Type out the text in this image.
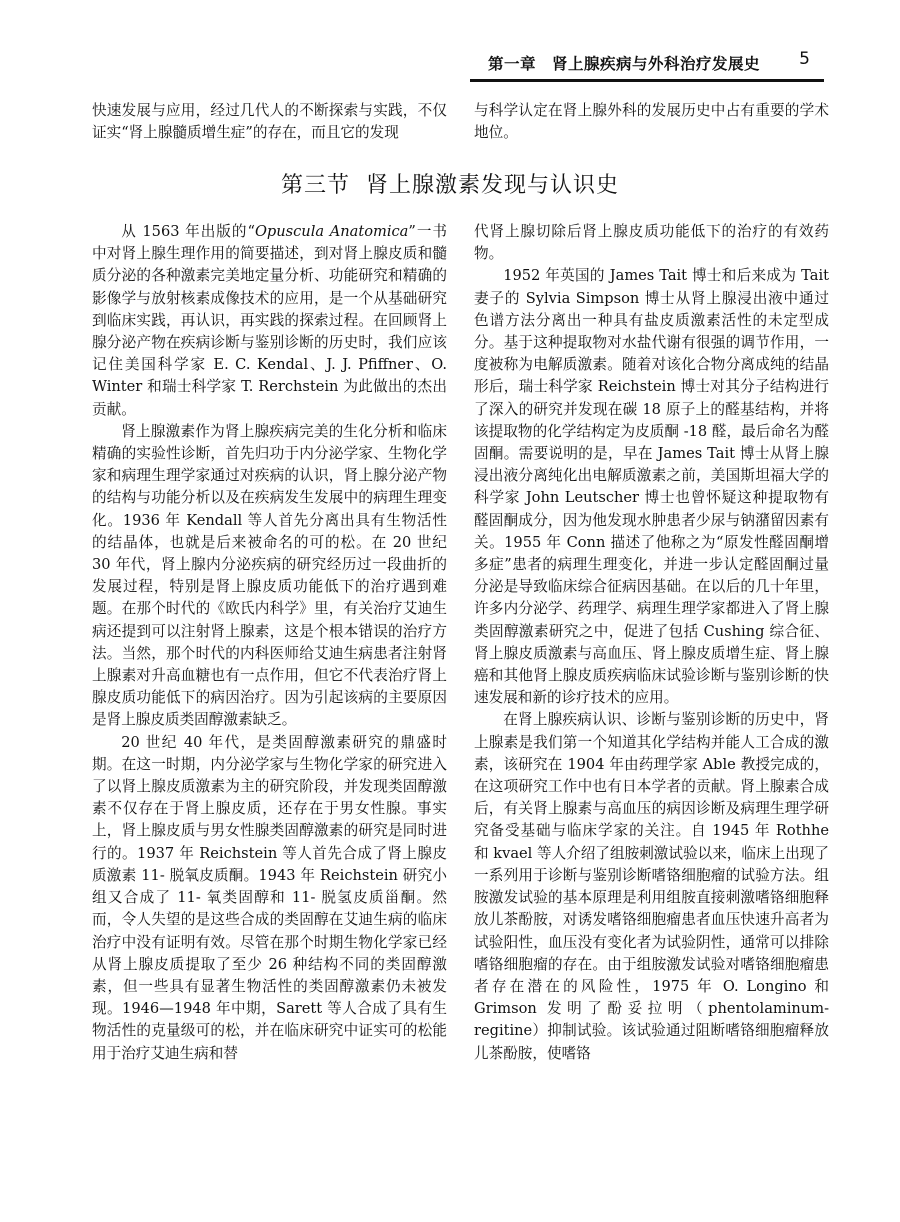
第一章　肾上腺疾病与外科治疗发展史 5

快速发展与应用，经过几代人的不断探索与实践，不仅证实“肾上腺髓质增生症”的存在，而且它的发现

与科学认定在肾上腺外科的发展历史中占有重要的学术地位。

第三节 肾上腺激素发现与认识史

从 1563 年出版的“Opuscula Anatomica”一书中对肾上腺生理作用的简要描述，到对肾上腺皮质和髓质分泌的各种激素完美地定量分析、功能研究和精确的影像学与放射核素成像技术的应用，是一个从基础研究到临床实践，再认识，再实践的探索过程。在回顾肾上腺分泌产物在疾病诊断与鉴别诊断的历史时，我们应该记住美国科学家 E. C. Kendal、J. J. Pfiffner、O. Winter 和瑞士科学家 T. Rerchstein 为此做出的杰出贡献。

肾上腺激素作为肾上腺疾病完美的生化分析和临床精确的实验性诊断，首先归功于内分泌学家、生物化学家和病理生理学家通过对疾病的认识，肾上腺分泌产物的结构与功能分析以及在疾病发生发展中的病理生理变化。1936 年 Kendall 等人首先分离出具有生物活性的结晶体，也就是后来被命名的可的松。在 20 世纪 30 年代，肾上腺内分泌疾病的研究经历过一段曲折的发展过程，特别是肾上腺皮质功能低下的治疗遇到难题。在那个时代的《欧氏内科学》里，有关治疗艾迪生病还提到可以注射肾上腺素，这是个根本错误的治疗方法。当然，那个时代的内科医师给艾迪生病患者注射肾上腺素对升高血糖也有一点作用，但它不代表治疗肾上腺皮质功能低下的病因治疗。因为引起该病的主要原因是肾上腺皮质类固醇激素缺乏。

20 世纪 40 年代，是类固醇激素研究的鼎盛时期。在这一时期，内分泌学家与生物化学家的研究进入了以肾上腺皮质激素为主的研究阶段，并发现类固醇激素不仅存在于肾上腺皮质，还存在于男女性腺。事实上，肾上腺皮质与男女性腺类固醇激素的研究是同时进行的。1937 年 Reichstein 等人首先合成了肾上腺皮质激素 11- 脱氧皮质酮。1943 年 Reichstein 研究小组又合成了 11- 氧类固醇和 11- 脱氢皮质甾酮。然而，令人失望的是这些合成的类固醇在艾迪生病的临床治疗中没有证明有效。尽管在那个时期生物化学家已经从肾上腺皮质提取了至少 26 种结构不同的类固醇激素，但一些具有显著生物活性的类固醇激素仍未被发现。1946—1948 年中期，Sarett 等人合成了具有生物活性的克量级可的松，并在临床研究中证实可的松能用于治疗艾迪生病和替

代肾上腺切除后肾上腺皮质功能低下的治疗的有效药物。

1952 年英国的 James Tait 博士和后来成为 Tait 妻子的 Sylvia Simpson 博士从肾上腺浸出液中通过色谱方法分离出一种具有盐皮质激素活性的未定型成分。基于这种提取物对水盐代谢有很强的调节作用，一度被称为电解质激素。随着对该化合物分离成纯的结晶形后，瑞士科学家 Reichstein 博士对其分子结构进行了深入的研究并发现在碳 18 原子上的醛基结构，并将该提取物的化学结构定为皮质酮 -18 醛，最后命名为醛固酮。需要说明的是，早在 James Tait 博士从肾上腺浸出液分离纯化出电解质激素之前，美国斯坦福大学的科学家 John Leutscher 博士也曾怀疑这种提取物有醛固酮成分，因为他发现水肿患者少尿与钠潴留因素有关。1955 年 Conn 描述了他称之为“原发性醛固酮增多症”患者的病理生理变化，并进一步认定醛固酮过量分泌是导致临床综合征病因基础。在以后的几十年里，许多内分泌学、药理学、病理生理学家都进入了肾上腺类固醇激素研究之中，促进了包括 Cushing 综合征、肾上腺皮质激素与高血压、肾上腺皮质增生症、肾上腺癌和其他肾上腺皮质疾病临床试验诊断与鉴别诊断的快速发展和新的诊疗技术的应用。

在肾上腺疾病认识、诊断与鉴别诊断的历史中，肾上腺素是我们第一个知道其化学结构并能人工合成的激素，该研究在 1904 年由药理学家 Able 教授完成的，在这项研究工作中也有日本学者的贡献。肾上腺素合成后，有关肾上腺素与高血压的病因诊断及病理生理学研究备受基础与临床学家的关注。自 1945 年 Rothhe 和 kvael 等人介绍了组胺刺激试验以来，临床上出现了一系列用于诊断与鉴别诊断嗜铬细胞瘤的试验方法。组胺激发试验的基本原理是利用组胺直接刺激嗜铬细胞释放儿茶酚胺，对诱发嗜铬细胞瘤患者血压快速升高者为试验阳性，血压没有变化者为试验阴性，通常可以排除嗜铬细胞瘤的存在。由于组胺激发试验对嗜铬细胞瘤患者存在潜在的风险性，1975 年 O. Longino 和 Grimson 发明了酚妥拉明（phentolaminum-regitine）抑制试验。该试验通过阻断嗜铬细胞瘤释放儿茶酚胺，使嗜铬
